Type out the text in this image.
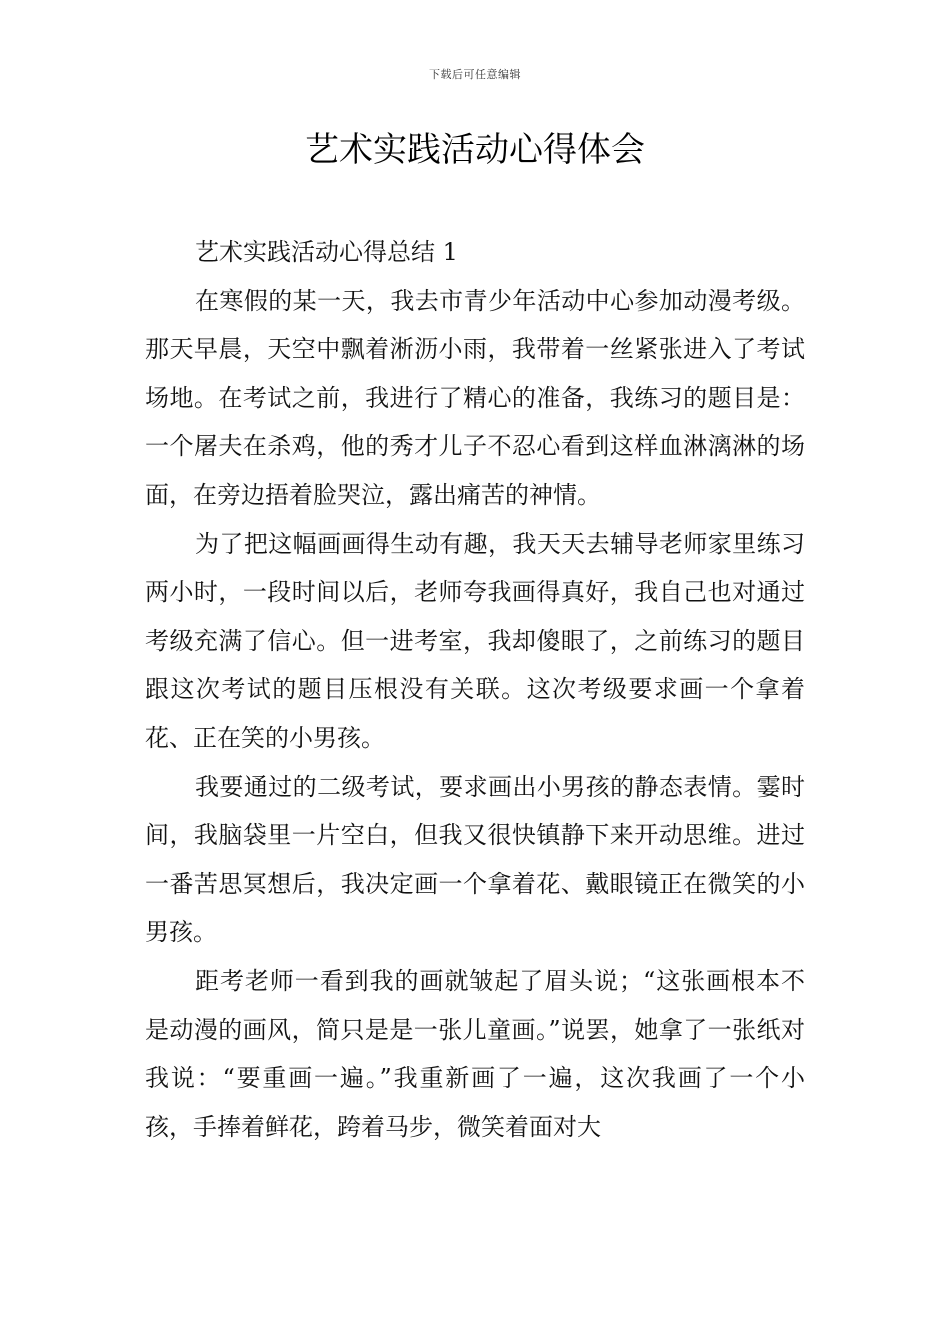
下载后可任意编辑
艺术实践活动心得体会

艺术实践活动心得总结 1

在寒假的某一天，我去市青少年活动中心参加动漫考级。那天早晨，天空中飘着淅沥小雨，我带着一丝紧张进入了考试场地。在考试之前，我进行了精心的准备，我练习的题目是：一个屠夫在杀鸡，他的秀才儿子不忍心看到这样血淋漓淋的场面，在旁边捂着脸哭泣，露出痛苦的神情。

为了把这幅画画得生动有趣，我天天去辅导老师家里练习两小时，一段时间以后，老师夸我画得真好，我自己也对通过考级充满了信心。但一进考室，我却傻眼了，之前练习的题目跟这次考试的题目压根没有关联。这次考级要求画一个拿着花、正在笑的小男孩。

我要通过的二级考试，要求画出小男孩的静态表情。霎时间，我脑袋里一片空白，但我又很快镇静下来开动思维。进过一番苦思冥想后，我决定画一个拿着花、戴眼镜正在微笑的小男孩。

距考老师一看到我的画就皱起了眉头说；“这张画根本不是动漫的画风，简只是是一张儿童画。”说罢，她拿了一张纸对我说：“要重画一遍。”我重新画了一遍，这次我画了一个小孩，手捧着鲜花，跨着马步，微笑着面对大
